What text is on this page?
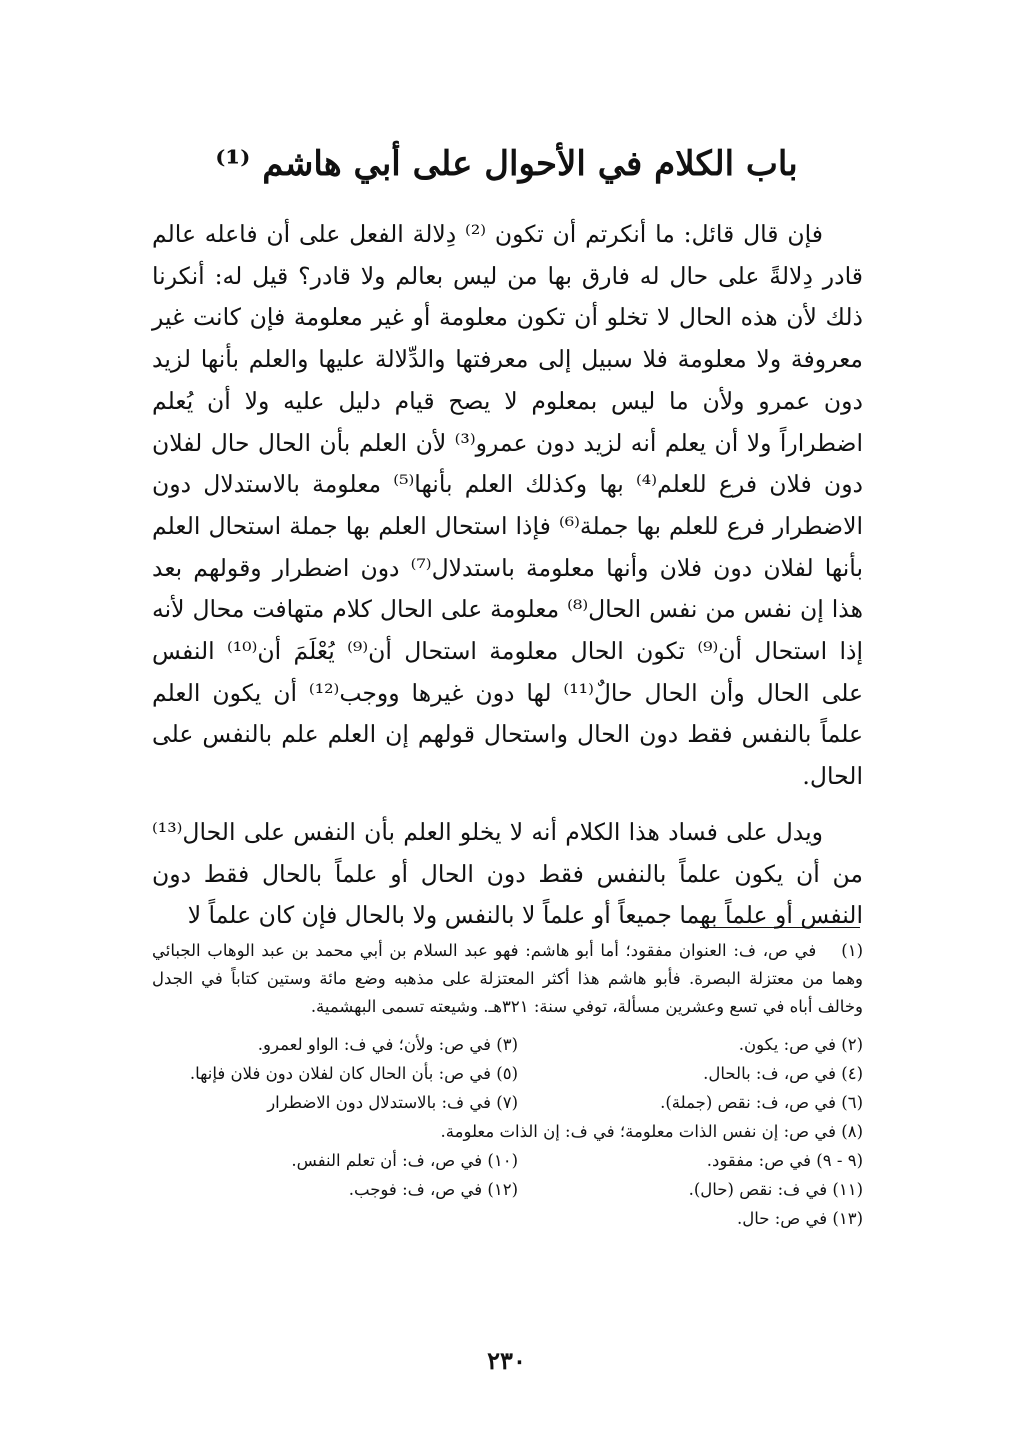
باب الكلام في الأحوال على أبي هاشم ⁽¹⁾

فإن قال قائل: ما أنكرتم أن تكون ⁽²⁾ دِلالة الفعل على أن فاعله عالم قادر دِلالةً على حال له فارق بها من ليس بعالم ولا قادر؟ قيل له: أنكرنا ذلك لأن هذه الحال لا تخلو أن تكون معلومة أو غير معلومة فإن كانت غير معروفة ولا معلومة فلا سبيل إلى معرفتها والدِّلالة عليها والعلم بأنها لزيد دون عمرو ولأن ما ليس بمعلوم لا يصح قيام دليل عليه ولا أن يُعلم اضطراراً ولا أن يعلم أنه لزيد دون عمرو⁽³⁾ لأن العلم بأن الحال حال لفلان دون فلان فرع للعلم⁽⁴⁾ بها وكذلك العلم بأنها⁽⁵⁾ معلومة بالاستدلال دون الاضطرار فرع للعلم بها جملة⁽⁶⁾ فإذا استحال العلم بها جملة استحال العلم بأنها لفلان دون فلان وأنها معلومة باستدلال⁽⁷⁾ دون اضطرار وقولهم بعد هذا إن نفس من نفس الحال⁽⁸⁾ معلومة على الحال كلام متهافت محال لأنه إذا استحال أن⁽⁹⁾ تكون الحال معلومة استحال أن⁽⁹⁾ يُعْلَمَ أن⁽¹⁰⁾ النفس على الحال وأن الحال حالٌ⁽¹¹⁾ لها دون غيرها ووجب⁽¹²⁾ أن يكون العلم علماً بالنفس فقط دون الحال واستحال قولهم إن العلم علم بالنفس على الحال.

ويدل على فساد هذا الكلام أنه لا يخلو العلم بأن النفس على الحال⁽¹³⁾ من أن يكون علماً بالنفس فقط دون الحال أو علماً بالحال فقط دون النفس أو علماً بهما جميعاً أو علماً لا بالنفس ولا بالحال فإن كان علماً لا

(١) في ص، ف: العنوان مفقود؛ أما أبو هاشم: فهو عبد السلام بن أبي محمد بن عبد الوهاب الجبائي وهما من معتزلة البصرة. فأبو هاشم هذا أكثر المعتزلة على مذهبه وضع مائة وستين كتاباً في الجدل وخالف أباه في تسع وعشرين مسألة، توفي سنة: ٣٢١هـ. وشيعته تسمى البهشمية.
(٢) في ص: يكون.
(٣) في ص: ولأن؛ في ف: الواو لعمرو.
(٤) في ص، ف: بالحال.
(٥) في ص: بأن الحال كان لفلان دون فلان فإنها.
(٦) في ص، ف: نقص (جملة).
(٧) في ف: بالاستدلال دون الاضطرار
(٨) في ص: إن نفس الذات معلومة؛ في ف: إن الذات معلومة.
(٩ - ٩) في ص: مفقود.
(١٠) في ص، ف: أن تعلم النفس.
(١١) في ف: نقص (حال).
(١٢) في ص، ف: فوجب.
(١٣) في ص: حال.
٢٣٠
